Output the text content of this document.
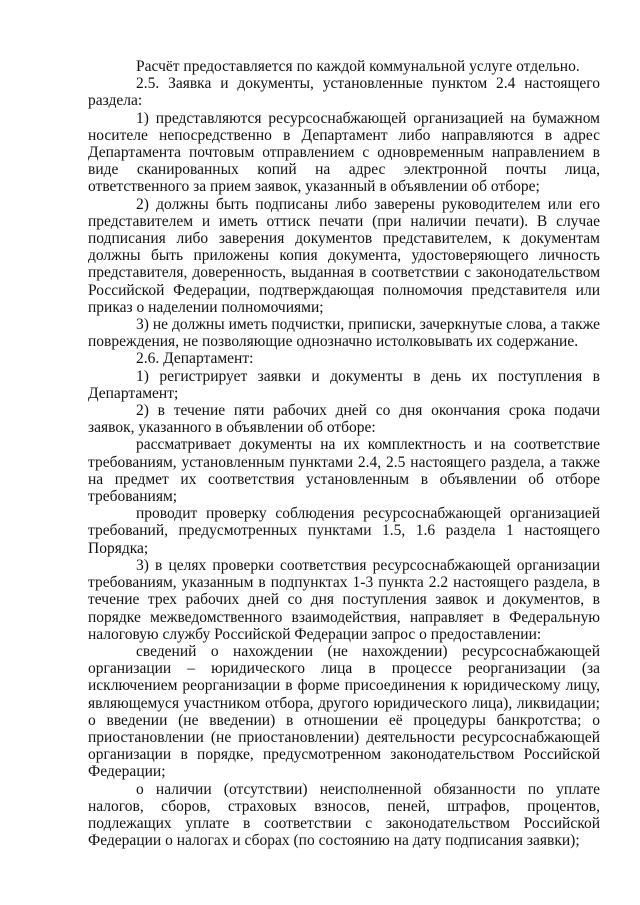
Расчёт предоставляется по каждой коммунальной услуге отдельно.

2.5. Заявка и документы, установленные пунктом 2.4 настоящего раздела:

1) представляются ресурсоснабжающей организацией на бумажном носителе непосредственно в Департамент либо направляются в адрес Департамента почтовым отправлением с одновременным направлением в виде сканированных копий на адрес электронной почты лица, ответственного за прием заявок, указанный в объявлении об отборе;

2) должны быть подписаны либо заверены руководителем или его представителем и иметь оттиск печати (при наличии печати). В случае подписания либо заверения документов представителем, к документам должны быть приложены копия документа, удостоверяющего личность представителя, доверенность, выданная в соответствии с законодательством Российской Федерации, подтверждающая полномочия представителя или приказ о наделении полномочиями;

3) не должны иметь подчистки, приписки, зачеркнутые слова, а также повреждения, не позволяющие однозначно истолковывать их содержание.

2.6. Департамент:

1) регистрирует заявки и документы в день их поступления в Департамент;

2) в течение пяти рабочих дней со дня окончания срока подачи заявок, указанного в объявлении об отборе:

рассматривает документы на их комплектность и на соответствие требованиям, установленным пунктами 2.4, 2.5 настоящего раздела, а также на предмет их соответствия установленным в объявлении об отборе требованиям;

проводит проверку соблюдения ресурсоснабжающей организацией требований, предусмотренных пунктами 1.5, 1.6 раздела 1 настоящего Порядка;

3) в целях проверки соответствия ресурсоснабжающей организации требованиям, указанным в подпунктах 1-3 пункта 2.2 настоящего раздела, в течение трех рабочих дней со дня поступления заявок и документов, в порядке межведомственного взаимодействия, направляет в Федеральную налоговую службу Российской Федерации запрос о предоставлении:

сведений о нахождении (не нахождении) ресурсоснабжающей организации – юридического лица в процессе реорганизации (за исключением реорганизации в форме присоединения к юридическому лицу, являющемуся участником отбора, другого юридического лица), ликвидации; о введении (не введении) в отношении её процедуры банкротства; о приостановлении (не приостановлении) деятельности ресурсоснабжающей организации в порядке, предусмотренном законодательством Российской Федерации;

о наличии (отсутствии) неисполненной обязанности по уплате налогов, сборов, страховых взносов, пеней, штрафов, процентов, подлежащих уплате в соответствии с законодательством Российской Федерации о налогах и сборах (по состоянию на дату подписания заявки);
